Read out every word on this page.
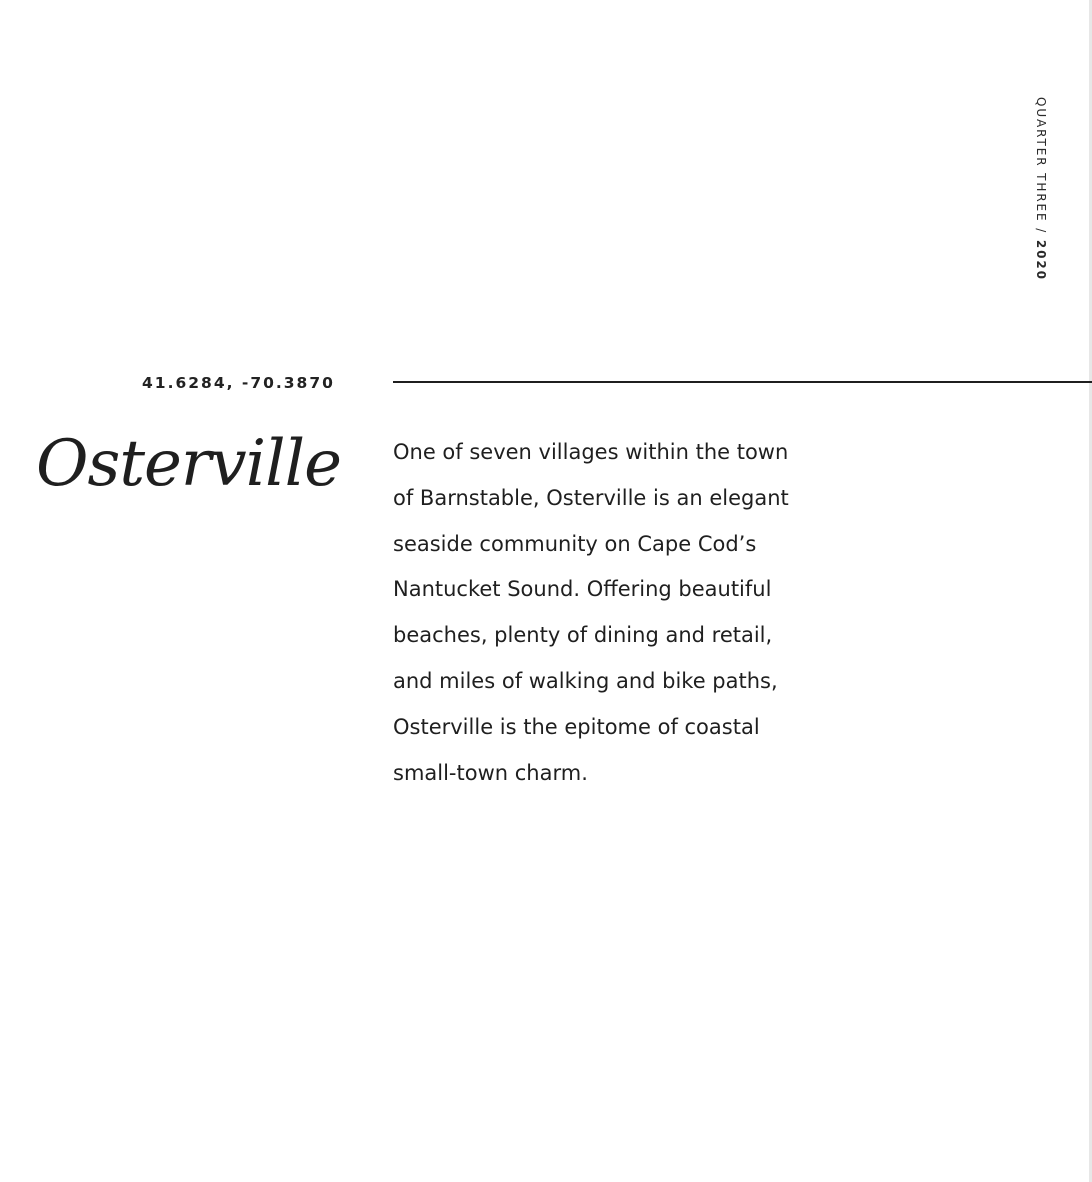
QUARTER THREE / 2020
41.6284, -70.3870
Osterville One of seven villages within the town
of Barnstable, Osterville is an elegant
seaside community on Cape Cod’s
Nantucket Sound. Offering beautiful
beaches, plenty of dining and retail,
and miles of walking and bike paths,
Osterville is the epitome of coastal
small-town charm.
